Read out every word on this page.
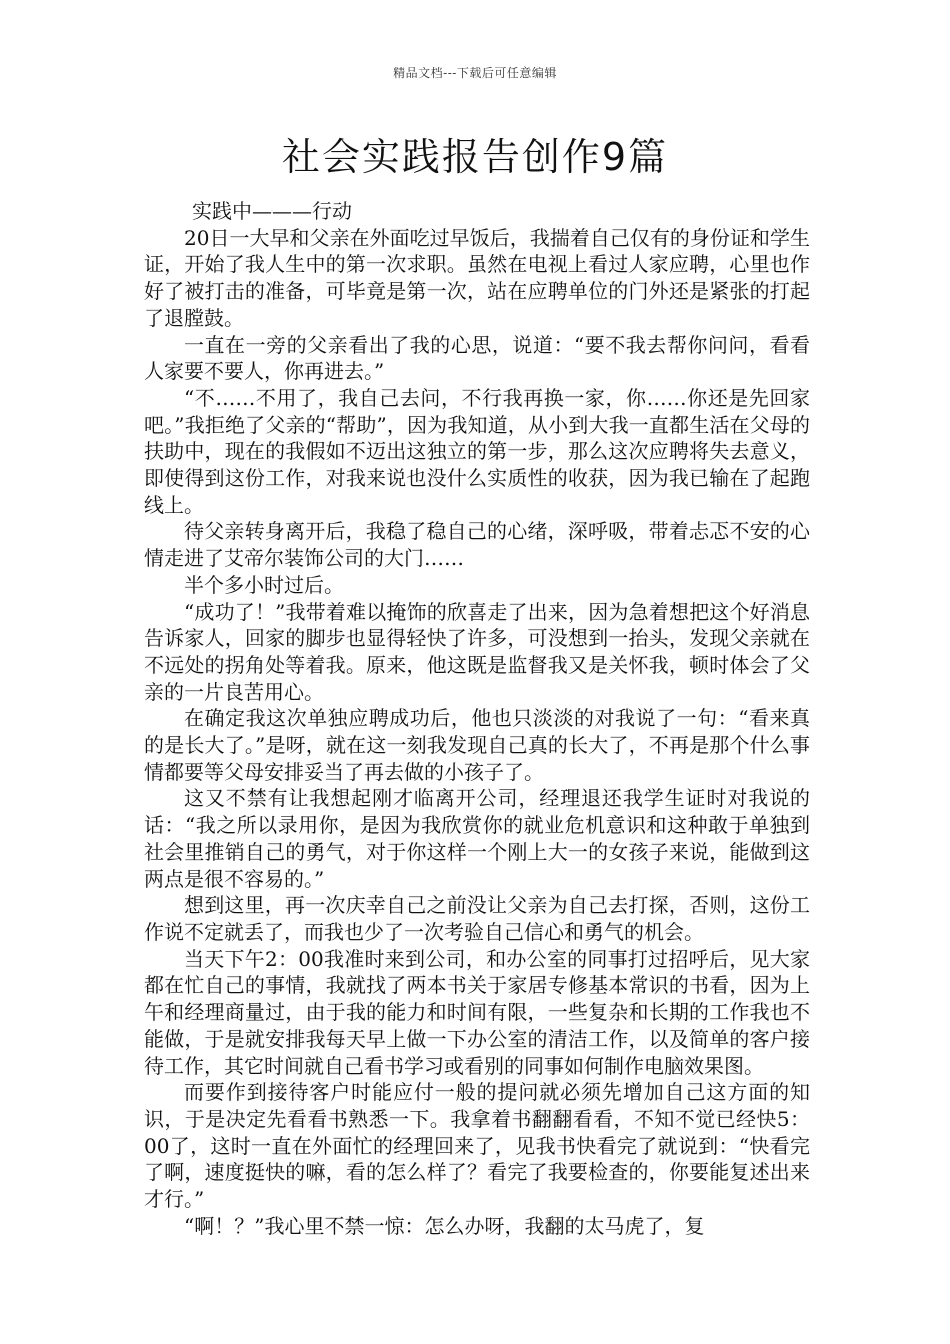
精品文档---下载后可任意编辑
社会实践报告创作9篇

实践中———行动

20日一大早和父亲在外面吃过早饭后，我揣着自己仅有的身份证和学生证，开始了我人生中的第一次求职。虽然在电视上看过人家应聘，心里也作好了被打击的准备，可毕竟是第一次，站在应聘单位的门外还是紧张的打起了退膛鼓。

一直在一旁的父亲看出了我的心思，说道：“要不我去帮你问问，看看人家要不要人，你再进去。”

“不……不用了，我自己去问，不行我再换一家，你……你还是先回家吧。”我拒绝了父亲的“帮助”，因为我知道，从小到大我一直都生活在父母的扶助中，现在的我假如不迈出这独立的第一步，那么这次应聘将失去意义，即使得到这份工作，对我来说也没什么实质性的收获，因为我已输在了起跑线上。

待父亲转身离开后，我稳了稳自己的心绪，深呼吸，带着忐忑不安的心情走进了艾帝尔装饰公司的大门……

半个多小时过后。

“成功了！”我带着难以掩饰的欣喜走了出来，因为急着想把这个好消息告诉家人，回家的脚步也显得轻快了许多，可没想到一抬头，发现父亲就在不远处的拐角处等着我。原来，他这既是监督我又是关怀我，顿时体会了父亲的一片良苦用心。

在确定我这次单独应聘成功后，他也只淡淡的对我说了一句：“看来真的是长大了。”是呀，就在这一刻我发现自己真的长大了，不再是那个什么事情都要等父母安排妥当了再去做的小孩子了。

这又不禁有让我想起刚才临离开公司，经理退还我学生证时对我说的话：“我之所以录用你，是因为我欣赏你的就业危机意识和这种敢于单独到社会里推销自己的勇气，对于你这样一个刚上大一的女孩子来说，能做到这两点是很不容易的。”

想到这里，再一次庆幸自己之前没让父亲为自己去打探，否则，这份工作说不定就丢了，而我也少了一次考验自己信心和勇气的机会。

当天下午2：00我准时来到公司，和办公室的同事打过招呼后，见大家都在忙自己的事情，我就找了两本书关于家居专修基本常识的书看，因为上午和经理商量过，由于我的能力和时间有限，一些复杂和长期的工作我也不能做，于是就安排我每天早上做一下办公室的清洁工作，以及简单的客户接待工作，其它时间就自己看书学习或看别的同事如何制作电脑效果图。

而要作到接待客户时能应付一般的提问就必须先增加自己这方面的知识，于是决定先看看书熟悉一下。我拿着书翻翻看看，不知不觉已经快5：00了，这时一直在外面忙的经理回来了，见我书快看完了就说到：“快看完了啊，速度挺快的嘛，看的怎么样了？看完了我要检查的，你要能复述出来才行。”

“啊！？”我心里不禁一惊：怎么办呀，我翻的太马虎了，复
